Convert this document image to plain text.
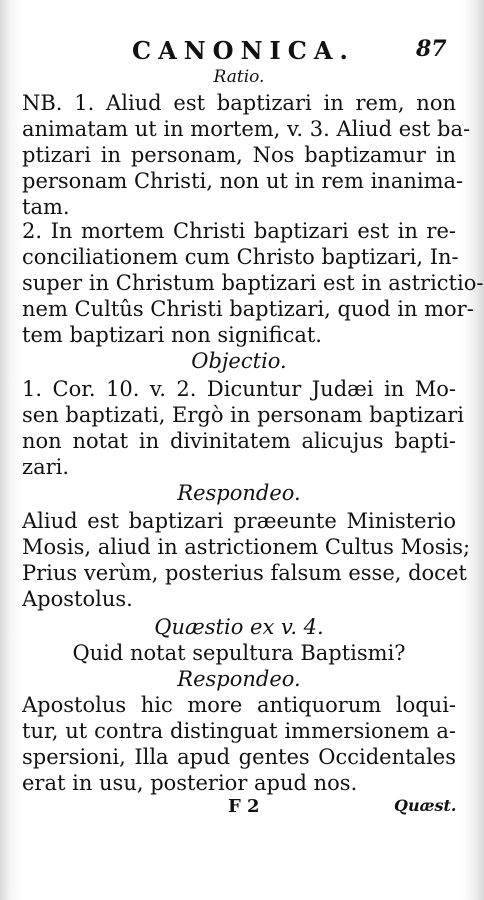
CANONICA.	87
Ratio.
NB. 1. Aliud est baptizari in rem, non
animatam ut in mortem, v. 3. Aliud est ba-
ptizari in personam, Nos baptizamur in
personam Christi, non ut in rem inanima-
tam.
2. In mortem Christi baptizari est in re-
conciliationem cum Christo baptizari, In-
super in Christum baptizari est in astrictio-
nem Cultûs Christi baptizari, quod in mor-
tem baptizari non significat.
Objectio.
1. Cor. 10. v. 2. Dicuntur Judæi in Mo-
sen baptizati, Ergò in personam baptizari
non notat in divinitatem alicujus bapti-
zari.
Respondeo.
Aliud est baptizari præeunte Ministerio
Mosis, aliud in astrictionem Cultus Mosis;
Prius verùm, posterius falsum esse, docet
Apostolus.
Quæstio ex v. 4.
Quid notat sepultura Baptismi?
Respondeo.
Apostolus hic more antiquorum loqui-
tur, ut contra distinguat immersionem a-
spersioni, Illa apud gentes Occidentales
erat in usu, posterior apud nos.
F 2	Quæst.
